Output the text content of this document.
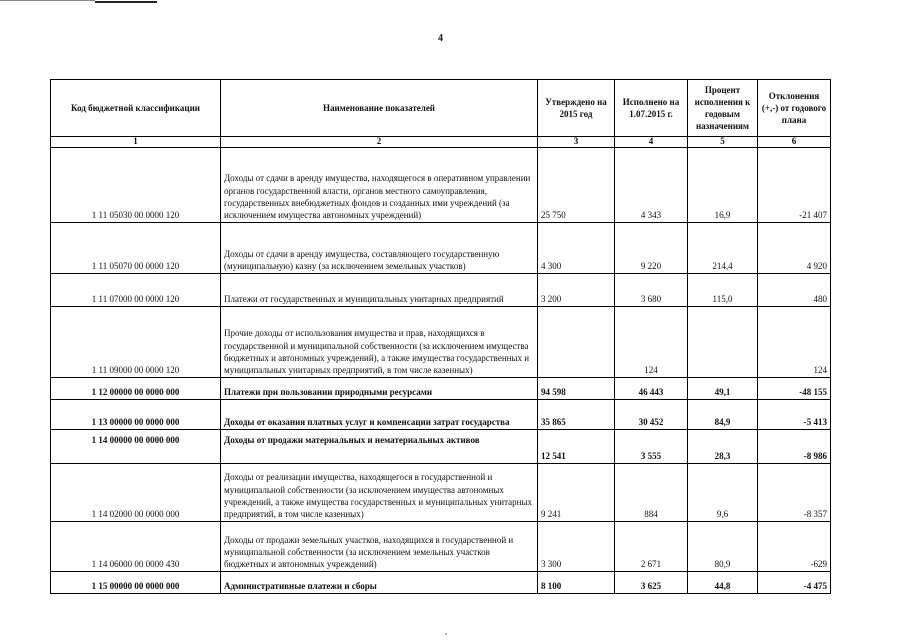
4
Код бюджетной классификации	Наименование показателей	Утверждено на 2015 год	Исполнено на 1.07.2015 г.	Процент исполнения к годовым назначениям	Отклонения (+,-) от годового плана
1	2	3	4	5	6
1 11 05030 00 0000 120	Доходы от сдачи в аренду имущества, находящегося в оперативном управлении органов государственной власти, органов местного самоуправления, государственных внебюджетных фондов и созданных ими учреждений (за исключением имущества автономных учреждений)	25 750	4 343	16,9	-21 407
1 11 05070 00 0000 120	Доходы от сдачи в аренду имущества, составляющего государственную (муниципальную) казну (за исключением земельных участков)	4 300	9 220	214,4	4 920
1 11 07000 00 0000 120	Платежи от государственных и муниципальных унитарных предприятий	3 200	3 680	115,0	480
1 11 09000 00 0000 120	Прочие доходы от использования имущества и прав, находящихся в государственной и муниципальной собственности (за исключением имущества бюджетных и автономных учреждений), а также имущества государственных и муниципальных унитарных предприятий, в том числе казенных)		124		124
1 12 00000 00 0000 000	Платежи при пользовании природными ресурсами	94 598	46 443	49,1	-48 155
1 13 00000 00 0000 000	Доходы от оказания платных услуг и компенсации затрат государства	35 865	30 452	84,9	-5 413
1 14 00000 00 0000 000	Доходы от продажи материальных и нематериальных активов	12 541	3 555	28,3	-8 986
1 14 02000 00 0000 000	Доходы от реализации имущества, находящегося в государственной и муниципальной собственности (за исключением имущества автономных учреждений, а также имущества государственных и муниципальных унитарных предприятий, в том числе казенных)	9 241	884	9,6	-8 357
1 14 06000 00 0000 430	Доходы от продажи земельных участков, находящихся в государственной и муниципальной собственности (за исключением земельных участков бюджетных и автономных учреждений)	3 300	2 671	80,9	-629
1 15 00000 00 0000 000	Административные платежи и сборы	8 100	3 625	44,8	-4 475
